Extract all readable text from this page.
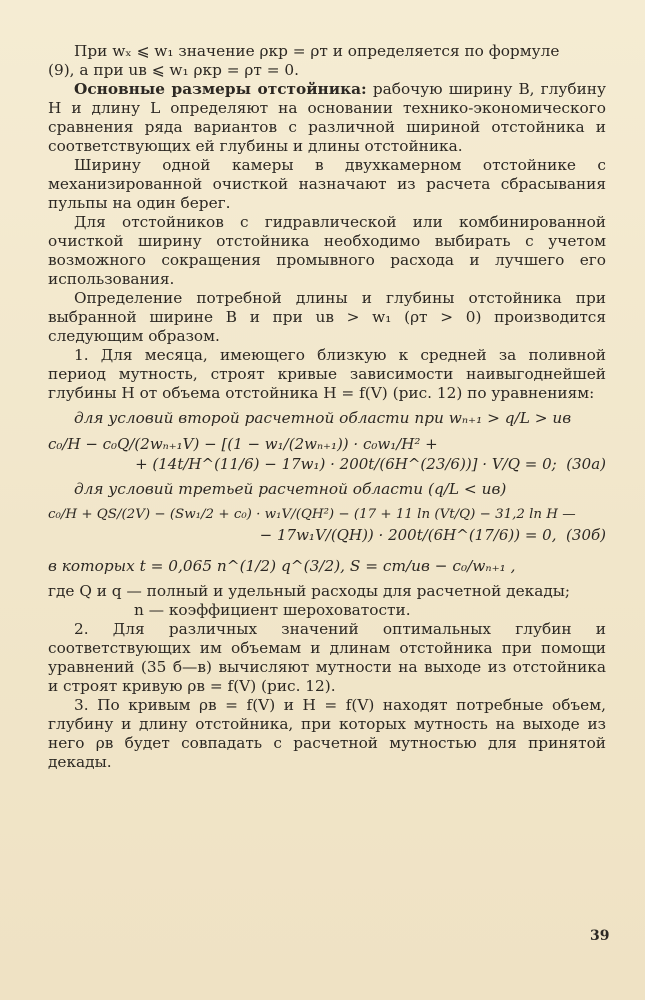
При wₓ ⩽ w₁ значение ρкр = ρт и определяется по формуле

(9), а при uв ⩽ w₁ ρкр = ρт = 0.

Основные размеры отстойника: рабочую ширину B, глубину H и длину L определяют на основании технико-экономического сравнения ряда вариантов с различной шириной отстойника и соответствующих ей глубины и длины отстойника.

Ширину одной камеры в двухкамерном отстойнике с механизированной очисткой назначают из расчета сбрасывания пульпы на один берег.

Для отстойников с гидравлической или комбинированной очисткой ширину отстойника необходимо выбирать с учетом возможного сокращения промывного расхода и лучшего его использования.

Определение потребной длины и глубины отстойника при выбранной ширине B и при uв > w₁ (ρт > 0) производится следующим образом.

1. Для месяца, имеющего близкую к средней за поливной период мутность, строят кривые зависимости наивыгоднейшей глубины H от объема отстойника H = f(V) (рис. 12) по уравнениям:

для условий второй расчетной области при wₙ₊₁ > q/L > uв

c₀/H − c₀Q/(2wₙ₊₁V) − [(1 − w₁/(2wₙ₊₁)) · c₀w₁/H² +
+ (14t/H^(11/6) − 17w₁) · 200t/(6H^(23/6))] · V/Q = 0; (30а)

для условий третьей расчетной области (q/L < uв)

c₀/H + QS/(2V) − (Sw₁/2 + c₀) · w₁V/(QH²) − (17 + 11 ln (Vt/Q) − 31,2 ln H —
− 17w₁V/(QH)) · 200t/(6H^(17/6)) = 0, (30б)

в которых t = 0,065 n^(1/2) q^(3/2), S = cт/uв − c₀/wₙ₊₁ ,

где Q и q — полный и удельный расходы для расчетной декады;

n — коэффициент шероховатости.

2. Для различных значений оптимальных глубин и соответствующих им объемам и длинам отстойника при помощи уравнений (35 б—в) вычисляют мутности на выходе из отстойника и строят кривую ρв = f(V) (рис. 12).

3. По кривым ρв = f(V) и H = f(V) находят потребные объем, глубину и длину отстойника, при которых мутность на выходе из него ρв будет совпадать с расчетной мутностью для принятой декады.

39
